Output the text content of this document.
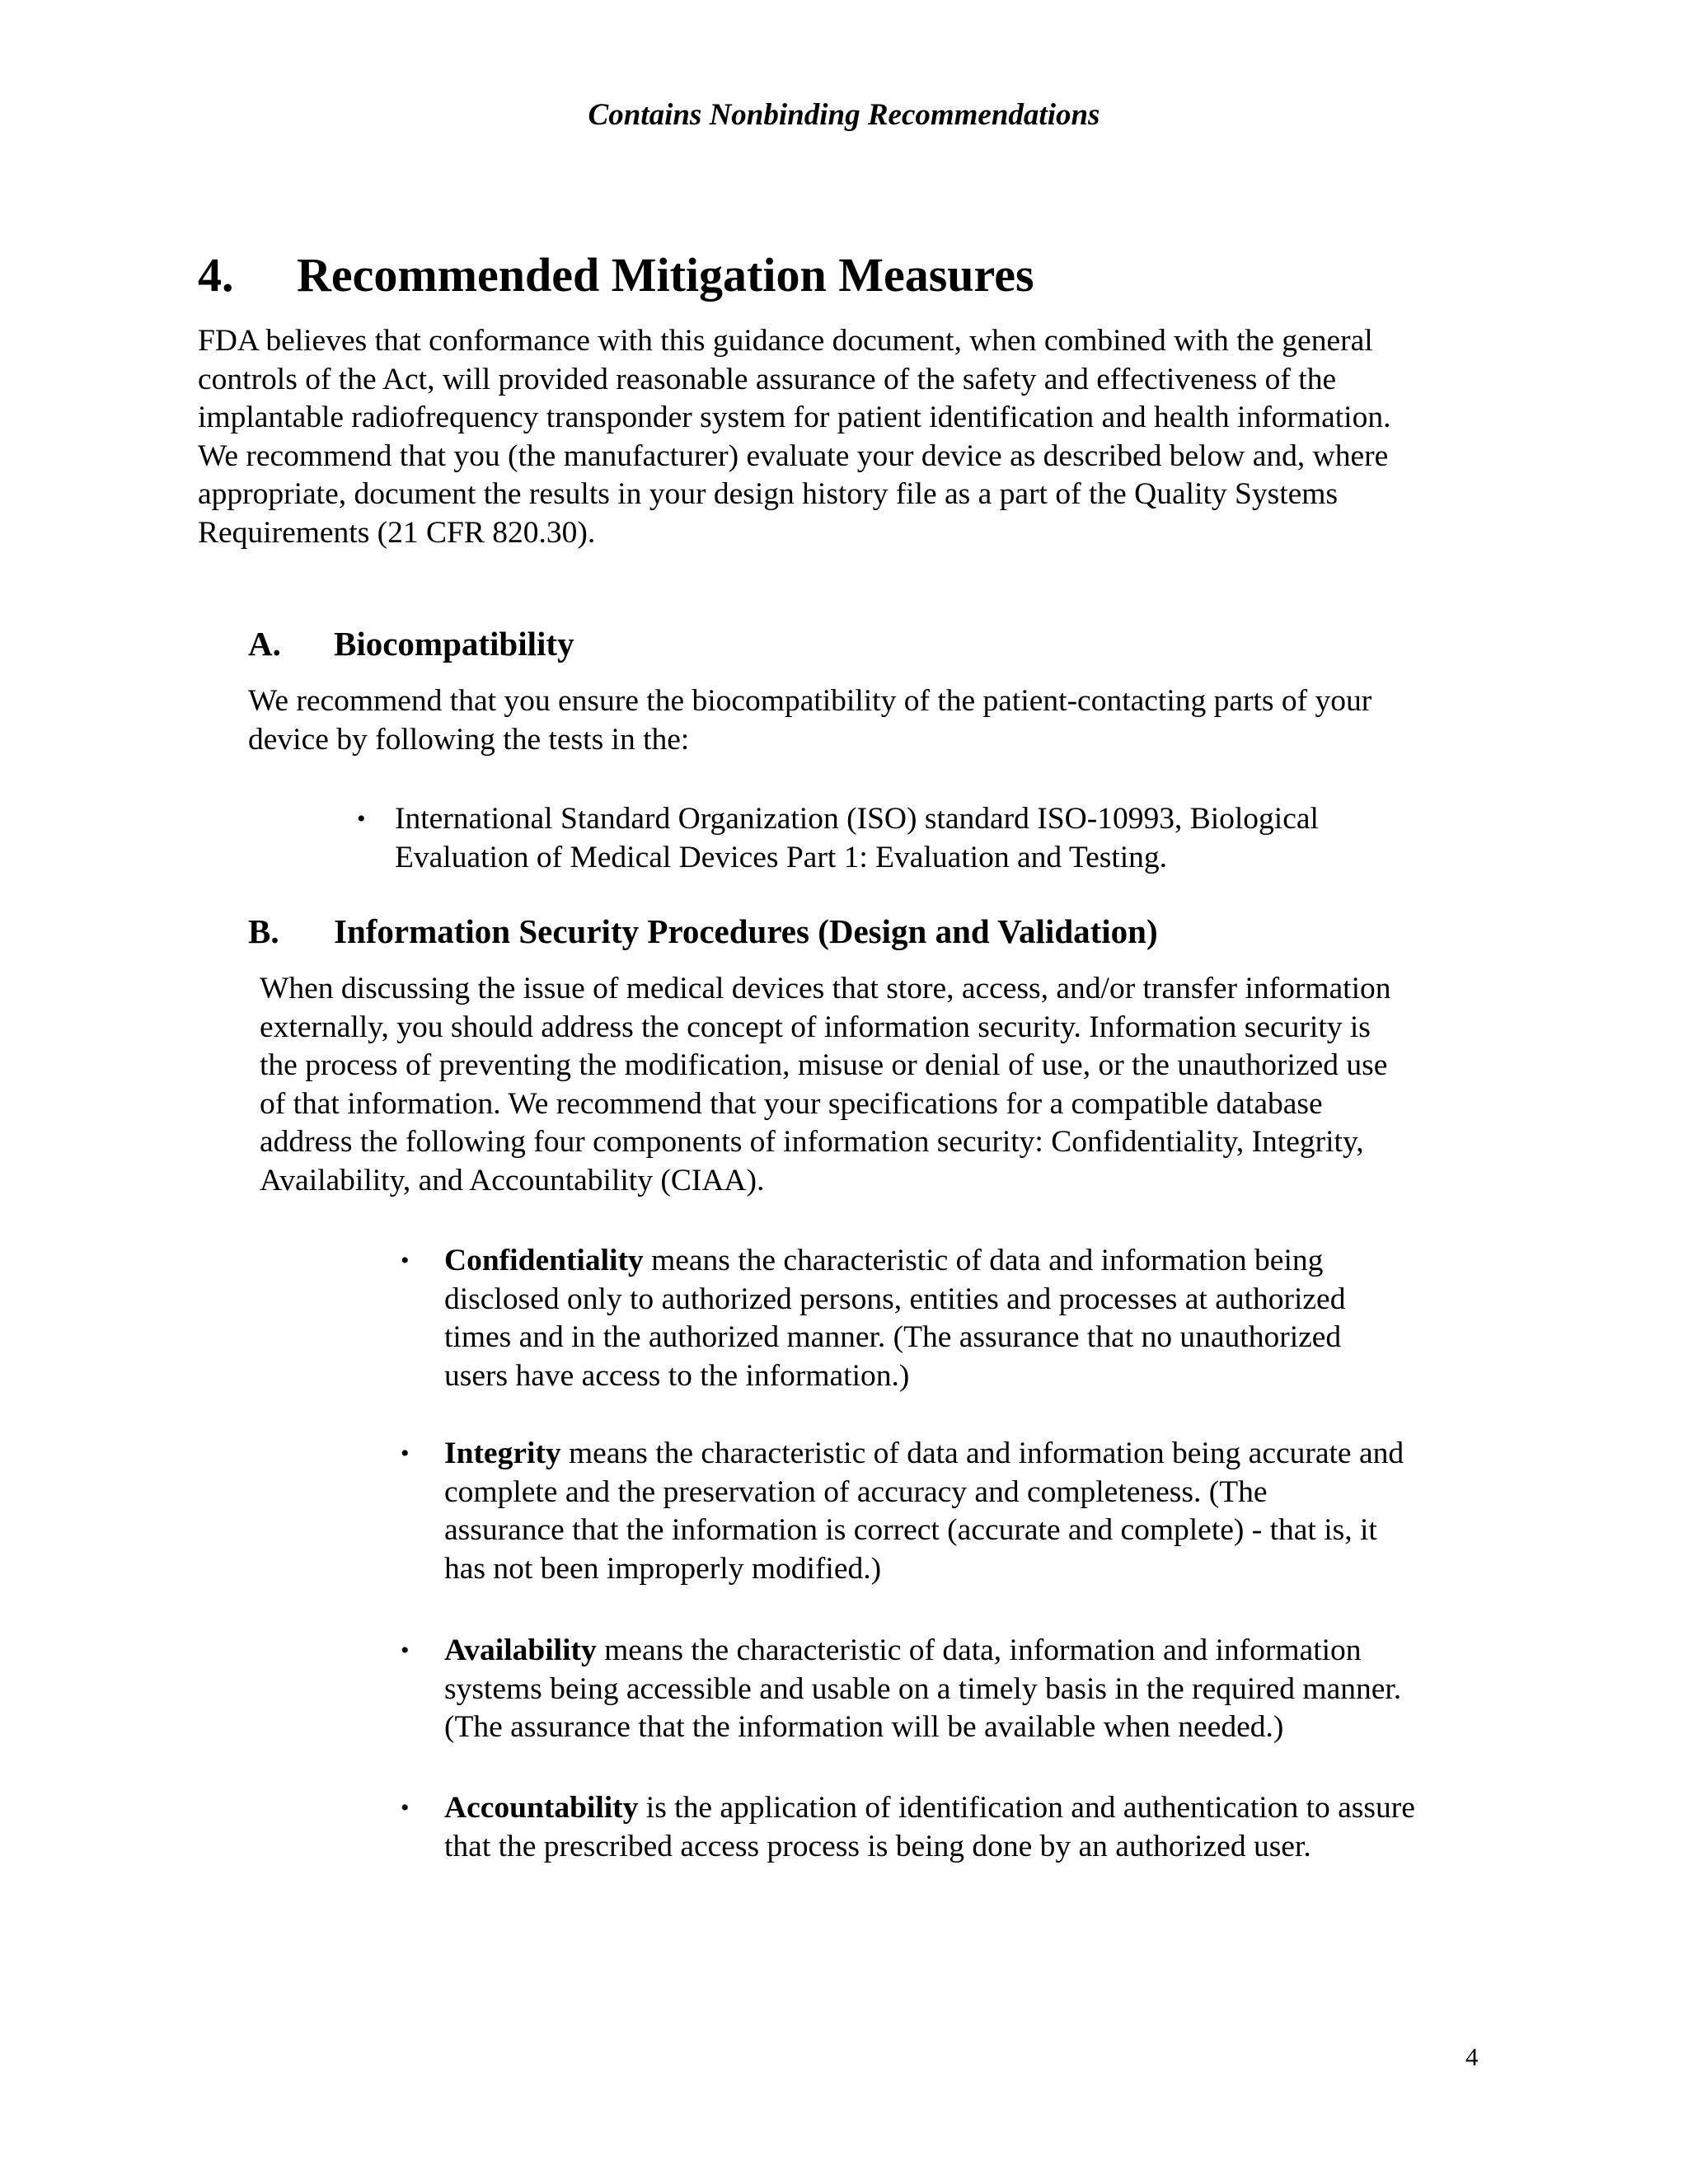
Contains Nonbinding Recommendations
4. Recommended Mitigation Measures
FDA believes that conformance with this guidance document, when combined with the general
controls of the Act, will provided reasonable assurance of the safety and effectiveness of the
implantable radiofrequency transponder system for patient identification and health information.
We recommend that you (the manufacturer) evaluate your device as described below and, where
appropriate, document the results in your design history file as a part of the Quality Systems
Requirements (21 CFR 820.30).
A. Biocompatibility
We recommend that you ensure the biocompatibility of the patient-contacting parts of your
device by following the tests in the:
• International Standard Organization (ISO) standard ISO-10993, Biological
Evaluation of Medical Devices Part 1: Evaluation and Testing.
B. Information Security Procedures (Design and Validation)
When discussing the issue of medical devices that store, access, and/or transfer information
externally, you should address the concept of information security. Information security is
the process of preventing the modification, misuse or denial of use, or the unauthorized use
of that information. We recommend that your specifications for a compatible database
address the following four components of information security: Confidentiality, Integrity,
Availability, and Accountability (CIAA).
• Confidentiality means the characteristic of data and information being
disclosed only to authorized persons, entities and processes at authorized
times and in the authorized manner. (The assurance that no unauthorized
users have access to the information.)
• Integrity means the characteristic of data and information being accurate and
complete and the preservation of accuracy and completeness. (The
assurance that the information is correct (accurate and complete) - that is, it
has not been improperly modified.)
• Availability means the characteristic of data, information and information
systems being accessible and usable on a timely basis in the required manner.
(The assurance that the information will be available when needed.)
• Accountability is the application of identification and authentication to assure
that the prescribed access process is being done by an authorized user.
4
